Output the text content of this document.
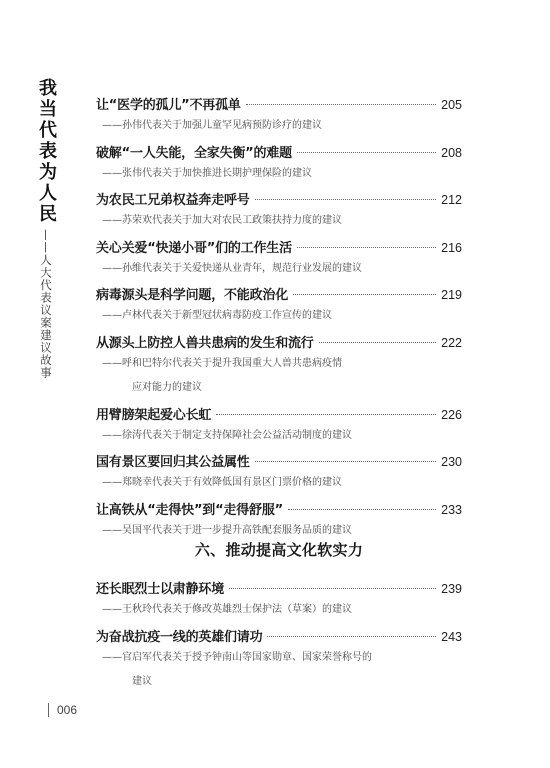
我当代表为人民
——人大代表议案建议故事
让“医学的孤儿”不再孤单	205
——孙伟代表关于加强儿童罕见病预防诊疗的建议
破解“一人失能，全家失衡”的难题	208
——张伟代表关于加快推进长期护理保险的建议
为农民工兄弟权益奔走呼号	212
——苏荣欢代表关于加大对农民工政策扶持力度的建议
关心关爱“快递小哥”们的工作生活	216
——孙维代表关于关爱快递从业青年，规范行业发展的建议
病毒源头是科学问题，不能政治化	219
——卢林代表关于新型冠状病毒防疫工作宣传的建议
从源头上防控人兽共患病的发生和流行	222
——呼和巴特尔代表关于提升我国重大人兽共患病疫情
应对能力的建议
用臂膀架起爱心长虹	226
——徐涛代表关于制定支持保障社会公益活动制度的建议
国有景区要回归其公益属性	230
——郑晓幸代表关于有效降低国有景区门票价格的建议
让高铁从“走得快”到“走得舒服”	233
——吴国平代表关于进一步提升高铁配套服务品质的建议
六、推动提高文化软实力
还长眠烈士以肃静环境	239
——王秋玲代表关于修改英雄烈士保护法（草案）的建议
为奋战抗疫一线的英雄们请功	243
——官启军代表关于授予钟南山等国家勋章、国家荣誉称号的
建议
006
